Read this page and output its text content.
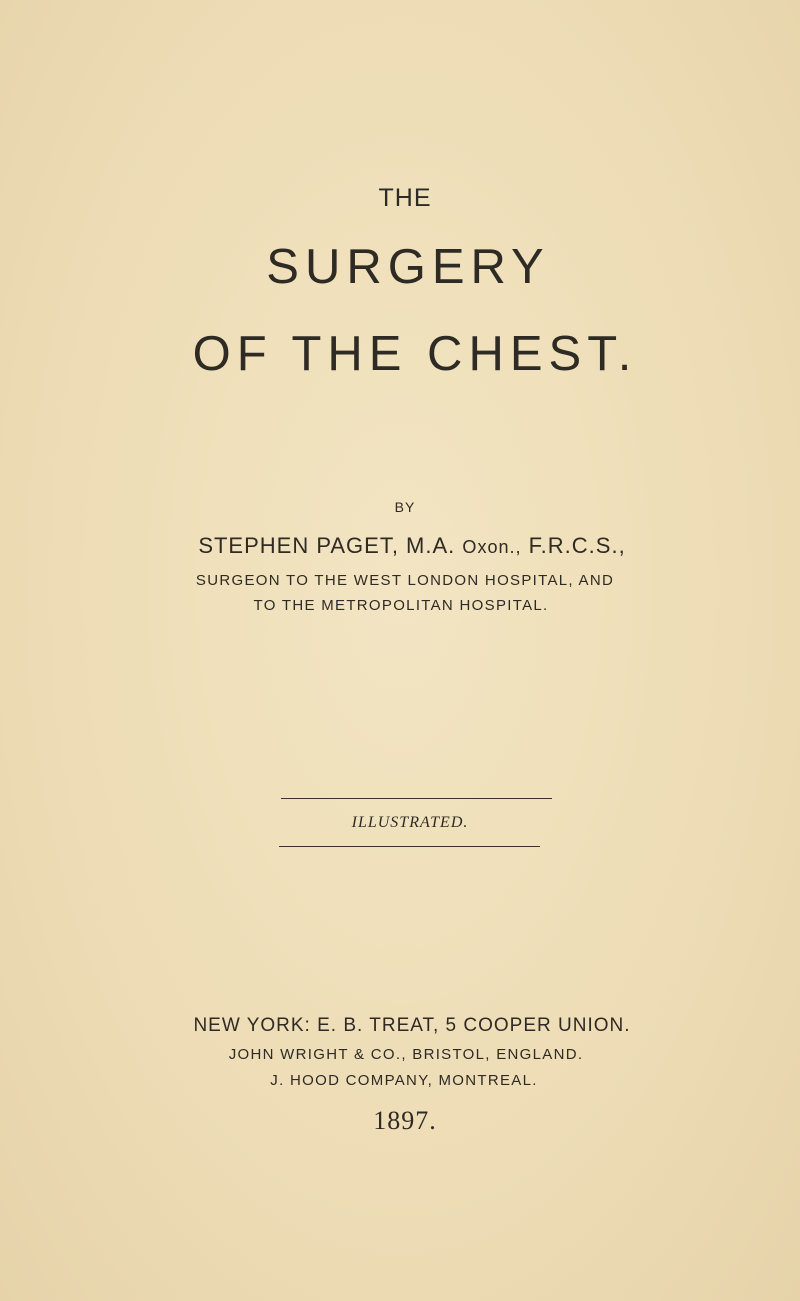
THE
SURGERY
OF THE CHEST.
BY
STEPHEN PAGET, M.A. Oxon., F.R.C.S.,
SURGEON TO THE WEST LONDON HOSPITAL, AND
TO THE METROPOLITAN HOSPITAL.
ILLUSTRATED.
NEW YORK: E. B. TREAT, 5 COOPER UNION.
JOHN WRIGHT & CO., BRISTOL, ENGLAND.
J. HOOD COMPANY, MONTREAL.
1897.
